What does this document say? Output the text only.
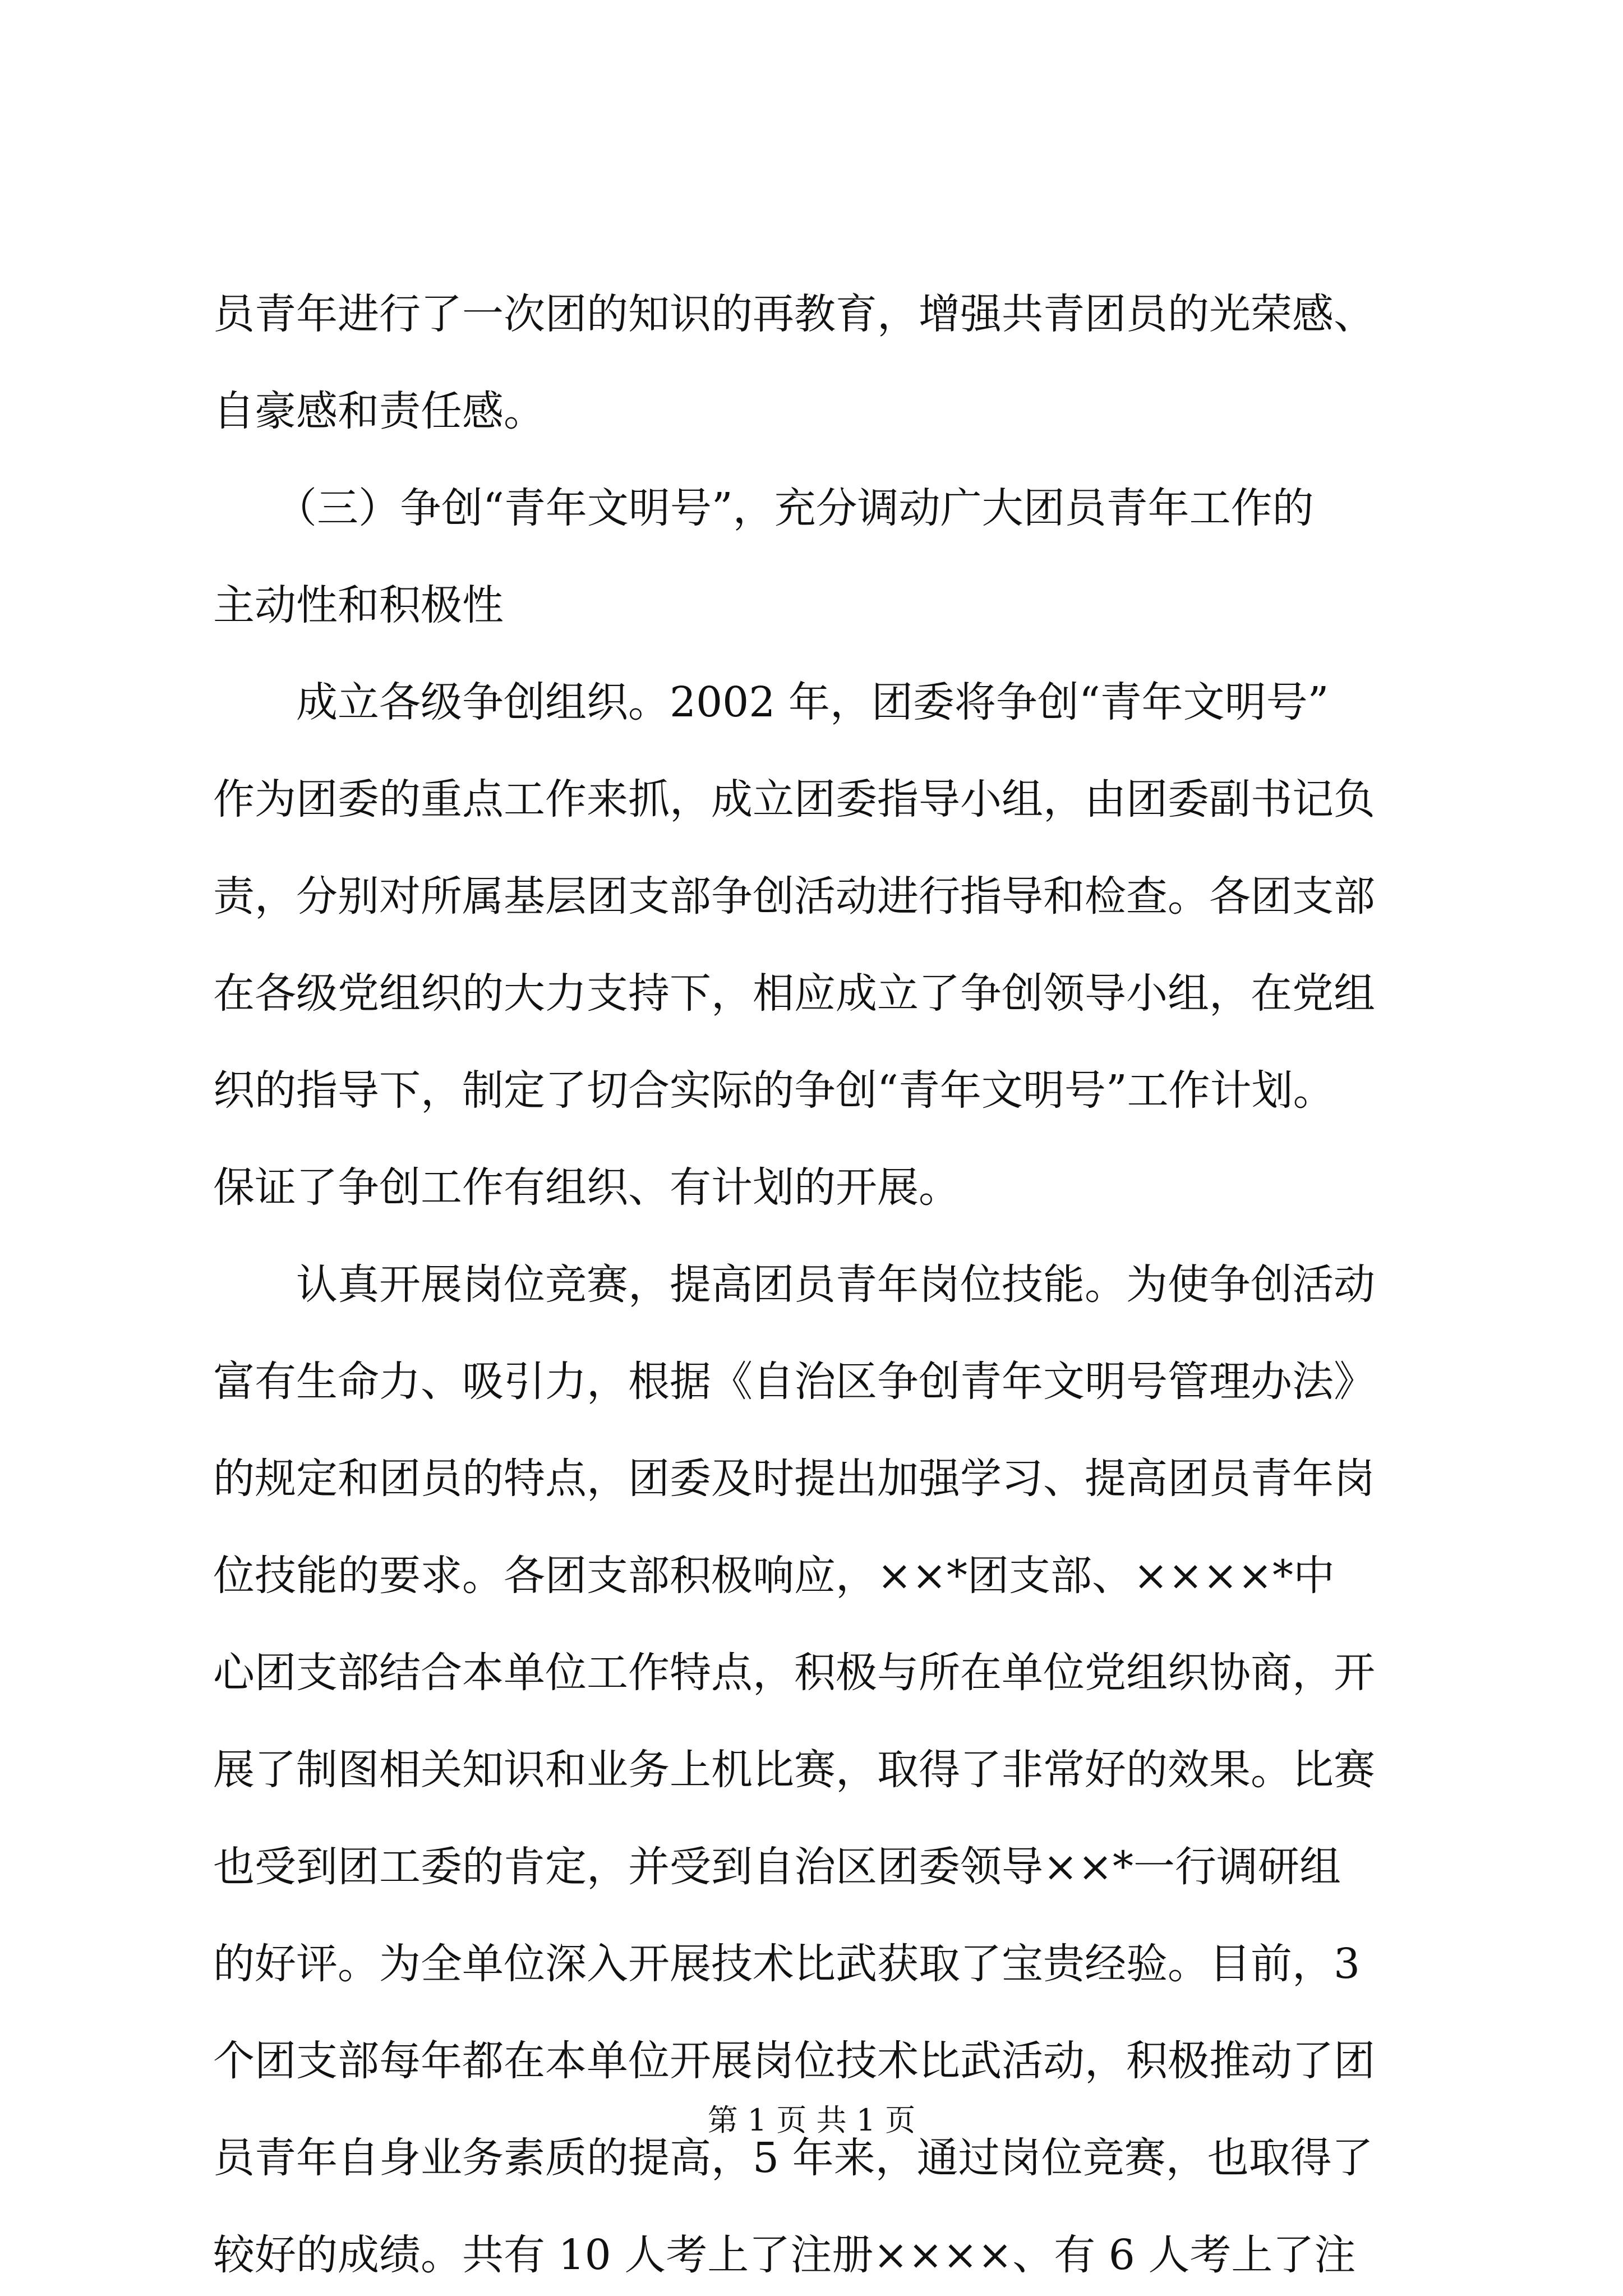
员青年进行了一次团的知识的再教育，增强共青团员的光荣感、
自豪感和责任感。
　　（三）争创“青年文明号”，充分调动广大团员青年工作的
主动性和积极性
　　成立各级争创组织。2002 年，团委将争创“青年文明号”
作为团委的重点工作来抓，成立团委指导小组，由团委副书记负
责，分别对所属基层团支部争创活动进行指导和检查。各团支部
在各级党组织的大力支持下，相应成立了争创领导小组，在党组
织的指导下，制定了切合实际的争创“青年文明号”工作计划。
保证了争创工作有组织、有计划的开展。
　　认真开展岗位竞赛，提高团员青年岗位技能。为使争创活动
富有生命力、吸引力，根据《自治区争创青年文明号管理办法》
的规定和团员的特点，团委及时提出加强学习、提高团员青年岗
位技能的要求。各团支部积极响应，××*团支部、××××*中
心团支部结合本单位工作特点，积极与所在单位党组织协商，开
展了制图相关知识和业务上机比赛，取得了非常好的效果。比赛
也受到团工委的肯定，并受到自治区团委领导××*一行调研组
的好评。为全单位深入开展技术比武获取了宝贵经验。目前，3
个团支部每年都在本单位开展岗位技术比武活动，积极推动了团
员青年自身业务素质的提高，5 年来，通过岗位竞赛，也取得了
较好的成绩。共有 10 人考上了注册××××、有 6 人考上了注
第 1 页 共 1 页
